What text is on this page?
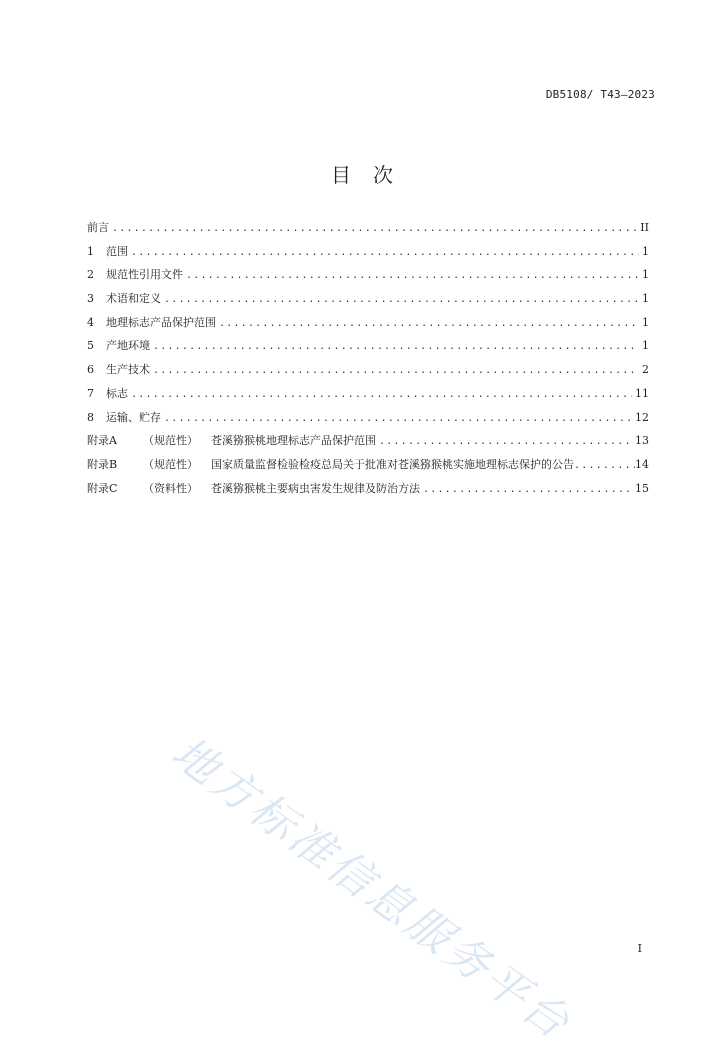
DB5108/ T43—2023
目次
前言 .....	II
1 范围 .....	1
2 规范性引用文件 .....	1
3 术语和定义 .....	1
4 地理标志产品保护范围 .....	1
5 产地环境 .....	1
6 生产技术 .....	2
7 标志 .....	11
8 运输、贮存 .....	12
附录A （规范性） 苍溪猕猴桃地理标志产品保护范围 .....	13
附录B （规范性） 国家质量监督检验检疫总局关于批准对苍溪猕猴桃实施地理标志保护的公告 .....	14
附录C （资料性） 苍溪猕猴桃主要病虫害发生规律及防治方法 .....	15
地方标准信息服务平台	I
